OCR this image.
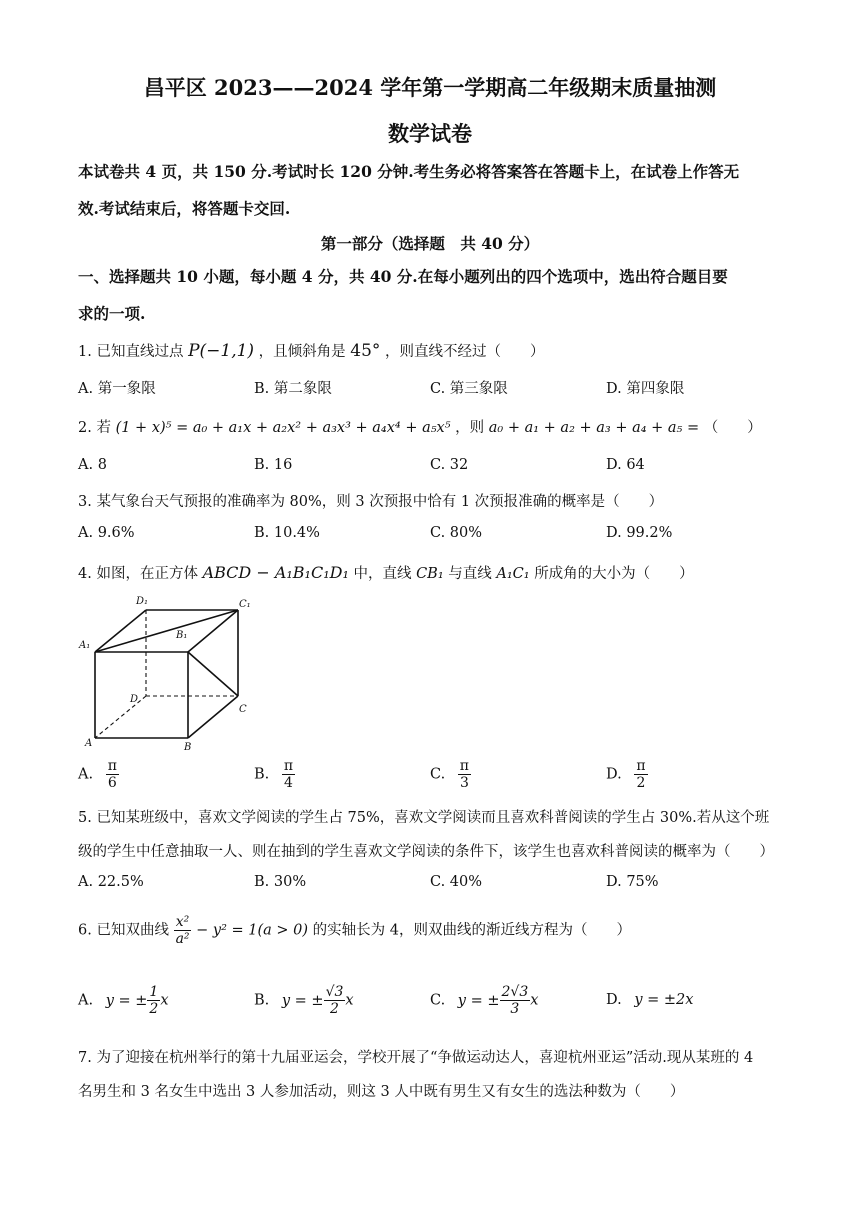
昌平区 2023——2024 学年第一学期高二年级期末质量抽测
数学试卷
本试卷共 4 页，共 150 分.考试时长 120 分钟.考生务必将答案答在答题卡上，在试卷上作答无
效.考试结束后，将答题卡交回.
第一部分（选择题　共 40 分）
一、选择题共 10 小题，每小题 4 分，共 40 分.在每小题列出的四个选项中，选出符合题目要
求的一项.
1. 已知直线过点 P(−1,1) ，且倾斜角是 45° ，则直线不经过（　　）
A. 第一象限	B. 第二象限	C. 第三象限	D. 第四象限
2. 若 (1 + x)⁵ = a₀ + a₁x + a₂x² + a₃x³ + a₄x⁴ + a₅x⁵ ，则 a₀ + a₁ + a₂ + a₃ + a₄ + a₅ = （　　）
A. 8	B. 16	C. 32	D. 64
3. 某气象台天气预报的准确率为 80%，则 3 次预报中恰有 1 次预报准确的概率是（　　）
A. 9.6%	B. 10.4%	C. 80%	D. 99.2%
4. 如图，在正方体 ABCD − A₁B₁C₁D₁ 中，直线 CB₁ 与直线 A₁C₁ 所成角的大小为（　　）
D₁	C₁
A₁
B₁
D
C
A	B
A. $\frac{\pi}{6}$	B. $\frac{\pi}{4}$	C. $\frac{\pi}{3}$	D. $\frac{\pi}{2}$
5. 已知某班级中，喜欢文学阅读的学生占 75%，喜欢文学阅读而且喜欢科普阅读的学生占 30%.若从这个班
级的学生中任意抽取一人、则在抽到的学生喜欢文学阅读的条件下，该学生也喜欢科普阅读的概率为（　　）
A. 22.5%	B. 30%	C. 40%	D. 75%
6. 已知双曲线 $\frac{\text{x²}}{\text{a²}} - y^2 = 1(a > 0)$ 的实轴长为 4，则双曲线的渐近线方程为（　　）
A. y = ± $\frac{1}{2}$ x	B. y = ± $\frac{√3}{2}$ x	C. y = ± $\frac{2√3}{3}$ x	D. y = ±2x
7. 为了迎接在杭州举行的第十九届亚运会，学校开展了“争做运动达人，喜迎杭州亚运”活动.现从某班的 4
名男生和 3 名女生中选出 3 人参加活动，则这 3 人中既有男生又有女生的选法种数为（　　）
